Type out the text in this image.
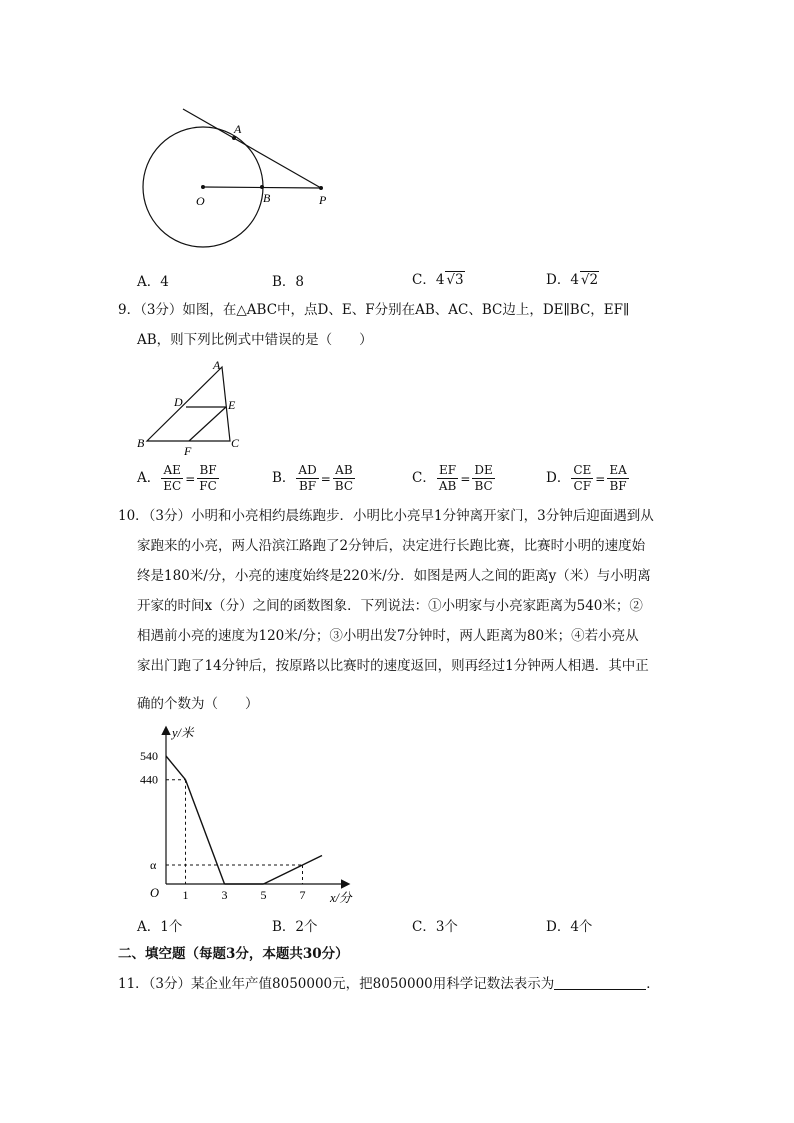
A
O	B	P
A．4	B．8	C．4 √3	D．4 √2
9．（3分）如图，在△ABC中，点D、E、F分别在AB、AC、BC边上，DE∥BC，EF∥
AB，则下列比例式中错误的是（　　）
A
D	E
B
F
C
A． $\frac{AE}{EC} = \frac{BF}{FC}$	B． $\frac{AD}{BF} = \frac{AB}{BC}$	C． $\frac{EF}{AB} = \frac{DE}{BC}$	D． $\frac{CE}{CF} = \frac{EA}{BF}$
10．（3分）小明和小亮相约晨练跑步．小明比小亮早1分钟离开家门，3分钟后迎面遇到从
家跑来的小亮，两人沿滨江路跑了2分钟后，决定进行长跑比赛，比赛时小明的速度始
终是180米/分，小亮的速度始终是220米/分．如图是两人之间的距离y（米）与小明离
开家的时间x（分）之间的函数图象．下列说法：①小明家与小亮家距离为540米；②
相遇前小亮的速度为120米/分；③小明出发7分钟时，两人距离为80米；④若小亮从
家出门跑了14分钟后，按原路以比赛时的速度返回，则再经过1分钟两人相遇．其中正
确的个数为（　　）
y/米
x/分
O 1	3	5	7
540
440
α
A．1个	B．2个	C．3个	D．4个
二、填空题（每题3分，本题共30分）
11．（3分）某企业年产值8050000元，把8050000用科学记数法表示为	．
